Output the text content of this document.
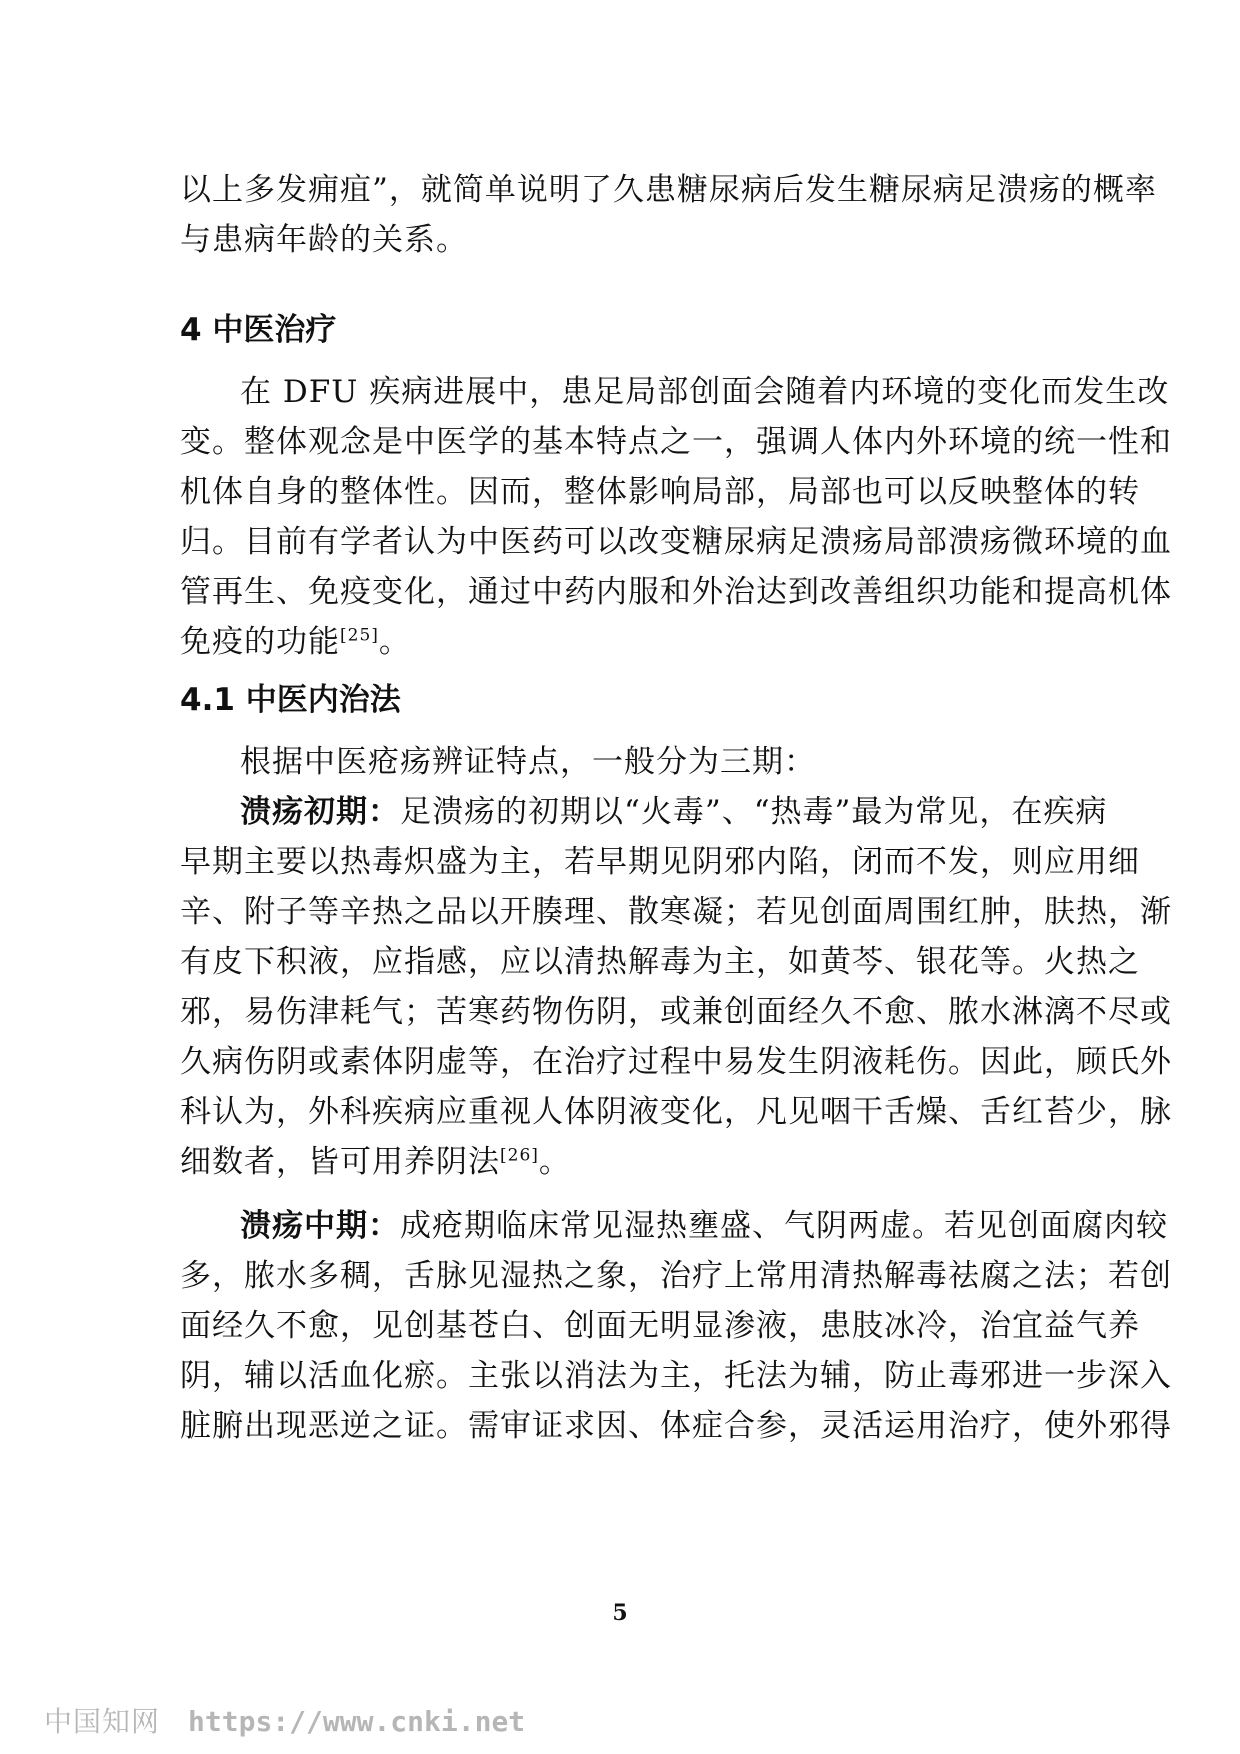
以上多发痈疽”，就简单说明了久患糖尿病后发生糖尿病足溃疡的概率

与患病年龄的关系。

4 中医治疗

在 DFU 疾病进展中，患足局部创面会随着内环境的变化而发生改

变。整体观念是中医学的基本特点之一，强调人体内外环境的统一性和

机体自身的整体性。因而，整体影响局部，局部也可以反映整体的转

归。目前有学者认为中医药可以改变糖尿病足溃疡局部溃疡微环境的血

管再生、免疫变化，通过中药内服和外治达到改善组织功能和提高机体

免疫的功能[25]。

4.1 中医内治法

根据中医疮疡辨证特点，一般分为三期：

溃疡初期：足溃疡的初期以“火毒”、“热毒”最为常见，在疾病

早期主要以热毒炽盛为主，若早期见阴邪内陷，闭而不发，则应用细

辛、附子等辛热之品以开腠理、散寒凝；若见创面周围红肿，肤热，渐

有皮下积液，应指感，应以清热解毒为主，如黄芩、银花等。火热之

邪，易伤津耗气；苦寒药物伤阴，或兼创面经久不愈、脓水淋漓不尽或

久病伤阴或素体阴虚等，在治疗过程中易发生阴液耗伤。因此，顾氏外

科认为，外科疾病应重视人体阴液变化，凡见咽干舌燥、舌红苔少，脉

细数者，皆可用养阴法[26]。

溃疡中期：成疮期临床常见湿热壅盛、气阴两虚。若见创面腐肉较

多，脓水多稠，舌脉见湿热之象，治疗上常用清热解毒祛腐之法；若创

面经久不愈，见创基苍白、创面无明显渗液，患肢冰冷，治宜益气养

阴，辅以活血化瘀。主张以消法为主，托法为辅，防止毒邪进一步深入

脏腑出现恶逆之证。需审证求因、体症合参，灵活运用治疗，使外邪得

5

中国知网 https://www.cnki.net
